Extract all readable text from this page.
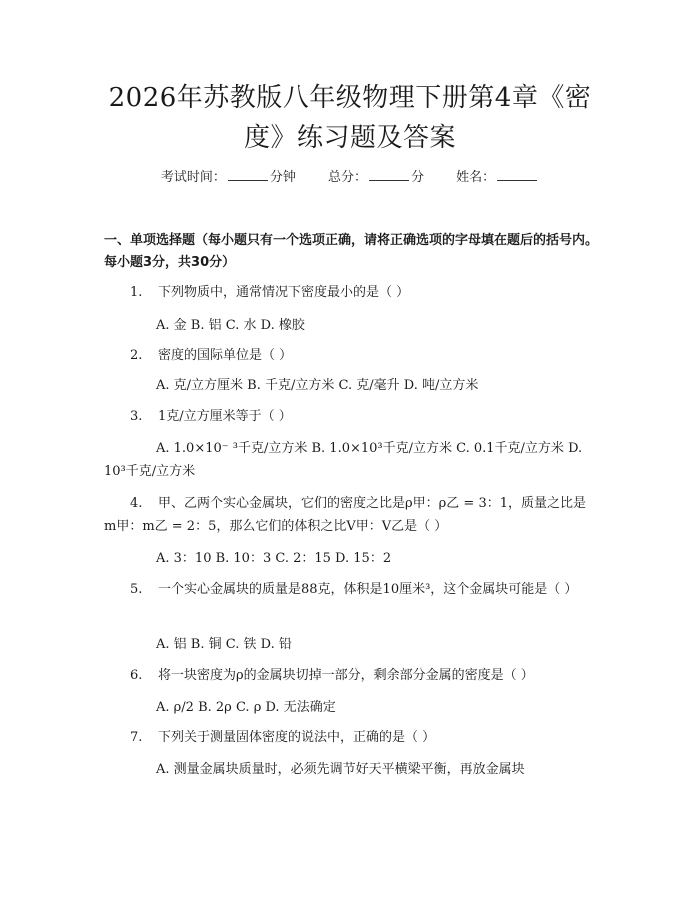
2026年苏教版八年级物理下册第4章《密度》练习题及答案
考试时间：	分钟 总分：	分 姓名：
一、单项选择题（每小题只有一个选项正确，请将正确选项的字母填在题后的括号内。每小题3分，共30分）
1. 下列物质中，通常情况下密度最小的是（ ）
A. 金 B. 铝 C. 水 D. 橡胶
2. 密度的国际单位是（ ）
A. 克/立方厘米 B. 千克/立方米 C. 克/毫升 D. 吨/立方米
3. 1克/立方厘米等于（ ）
A. 1.0×10⁻ ³千克/立方米 B. 1.0×10³千克/立方米 C. 0.1千克/立方米 D. 10³千克/立方米
4. 甲、乙两个实心金属块，它们的密度之比是ρ甲：ρ乙 = 3：1，质量之比是m甲：m乙 = 2：5，那么它们的体积之比V甲：V乙是（ ）
A. 3：10 B. 10：3 C. 2：15 D. 15：2
5. 一个实心金属块的质量是88克，体积是10厘米³，这个金属块可能是（ ）
A. 铝 B. 铜 C. 铁 D. 铅
6. 将一块密度为ρ的金属块切掉一部分，剩余部分金属的密度是（ ）
A. ρ/2 B. 2ρ C. ρ D. 无法确定
7. 下列关于测量固体密度的说法中，正确的是（ ）
A. 测量金属块质量时，必须先调节好天平横梁平衡，再放金属块
